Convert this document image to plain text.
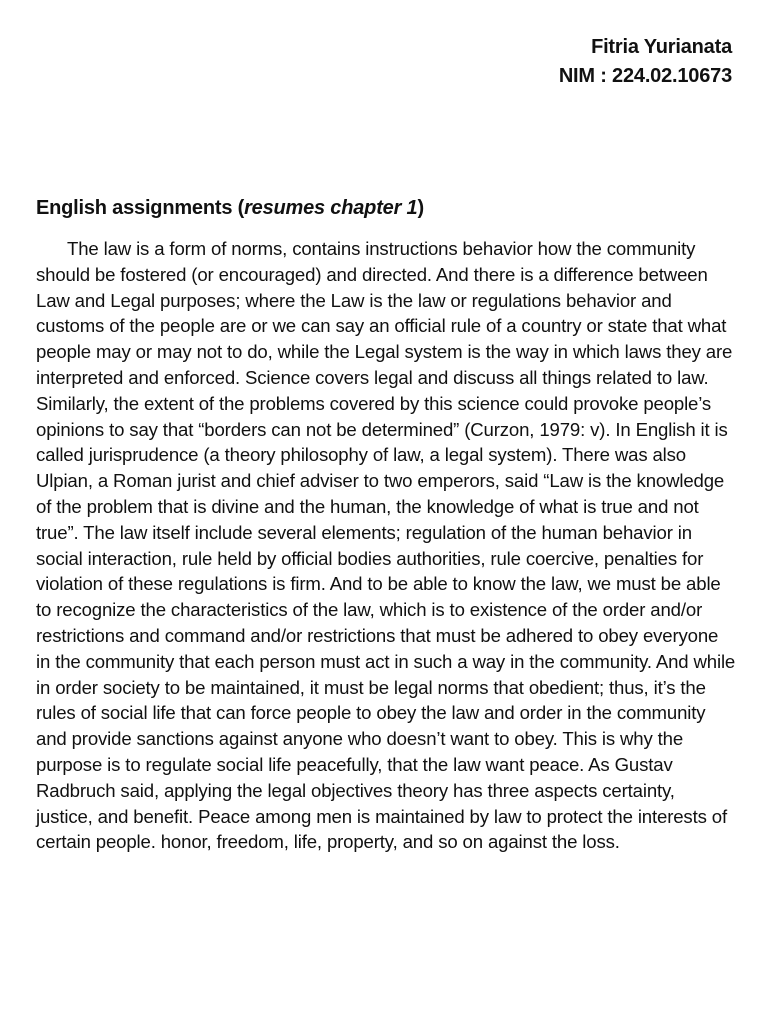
Fitria Yurianata
NIM : 224.02.10673
English assignments (resumes chapter 1)

The law is a form of norms, contains instructions behavior how the community should be fostered (or encouraged) and directed. And there is a difference between Law and Legal purposes; where the Law is the law or regulations behavior and customs of the people are or we can say an official rule of a country or state that what people may or may not to do, while the Legal system is the way in which laws they are interpreted and enforced. Science covers legal and discuss all things related to law. Similarly, the extent of the problems covered by this science could provoke people’s opinions to say that “borders can not be determined” (Curzon, 1979: v). In English it is called jurisprudence (a theory philosophy of law, a legal system). There was also Ulpian, a Roman jurist and chief adviser to two emperors, said “Law is the knowledge of the problem that is divine and the human, the knowledge of what is true and not true”. The law itself include several elements; regulation of the human behavior in social interaction, rule held by official bodies authorities, rule coercive, penalties for violation of these regulations is firm. And to be able to know the law, we must be able to recognize the characteristics of the law, which is to existence of the order and/or restrictions and command and/or restrictions that must be adhered to obey everyone in the community that each person must act in such a way in the community. And while in order society to be maintained, it must be legal norms that obedient; thus, it’s the rules of social life that can force people to obey the law and order in the community and provide sanctions against anyone who doesn’t want to obey. This is why the purpose is to regulate social life peacefully, that the law want peace. As Gustav Radbruch said, applying the legal objectives theory has three aspects certainty, justice, and benefit. Peace among men is maintained by law to protect the interests of certain people. honor, freedom, life, property, and so on against the loss.
